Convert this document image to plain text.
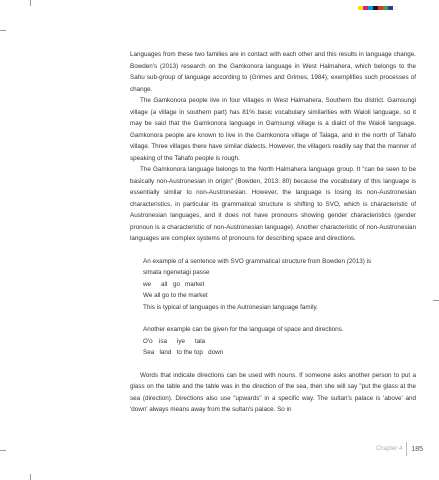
Languages from these two families are in contact with each other and this results in language change. Bowden's (2013) research on the Gamkonora language in West Halmahera, which belongs to the Sahu sub-group of language according to (Grimes and Grimes, 1984), exemplifies such processes of change.

The Gamkonora people live in four villages in West Halmahera, Southern Ibu district. Gamsungi village (a village in southern part) has 81% basic vocabulary similarities with Waioli language, so it may be said that the Gamkonora language in Gamsungi village is a dialct of the Waioli language. Gamkonora people are known to live in the Gamkonora village of Talaga, and in the north of Tahafo village. Three villages there have similar dialects. However, the villagers readily say that the manner of speaking of the Tahafo people is rough.

The Gamkonora language belongs to the North Halmahera language group. It "can be seen to be basically non-Austronesian in origin" (Bowden, 2013: 80) because the vocabulary of this language is essentially similar to non-Austronesian. However, the language is losing its non-Austronesian characteristics, in particular its grammatical structure is shifting to SVO, which is characteristic of Austronesian languages, and it does not have pronouns showing gender characteristics (gender pronoun is a characteristic of non-Austronesian language). Another characteristic of non-Austronesian languages are complex systems of pronouns for describing space and directions.

An example of a sentence with SVO grammatical structure from Bowden (2013) is

simata ngenetagi passe

we	all go market

We all go to the market

This is typical of languages in the Autronesian language family.

Another example can be given for the language of space and directions.

O'o	isa	iye	tala

Sea   land   to the top   down

Words that indicate directions can be used with nouns. If someone asks another person to put a glass on the table and the table was in the direction of the sea, then she will say "put the glass at the sea (direction). Directions also use "upwards" in a specific way. The sultan's palace is 'above' and 'down' always means away from the sultan's palace. So in

Chapter 4 185
